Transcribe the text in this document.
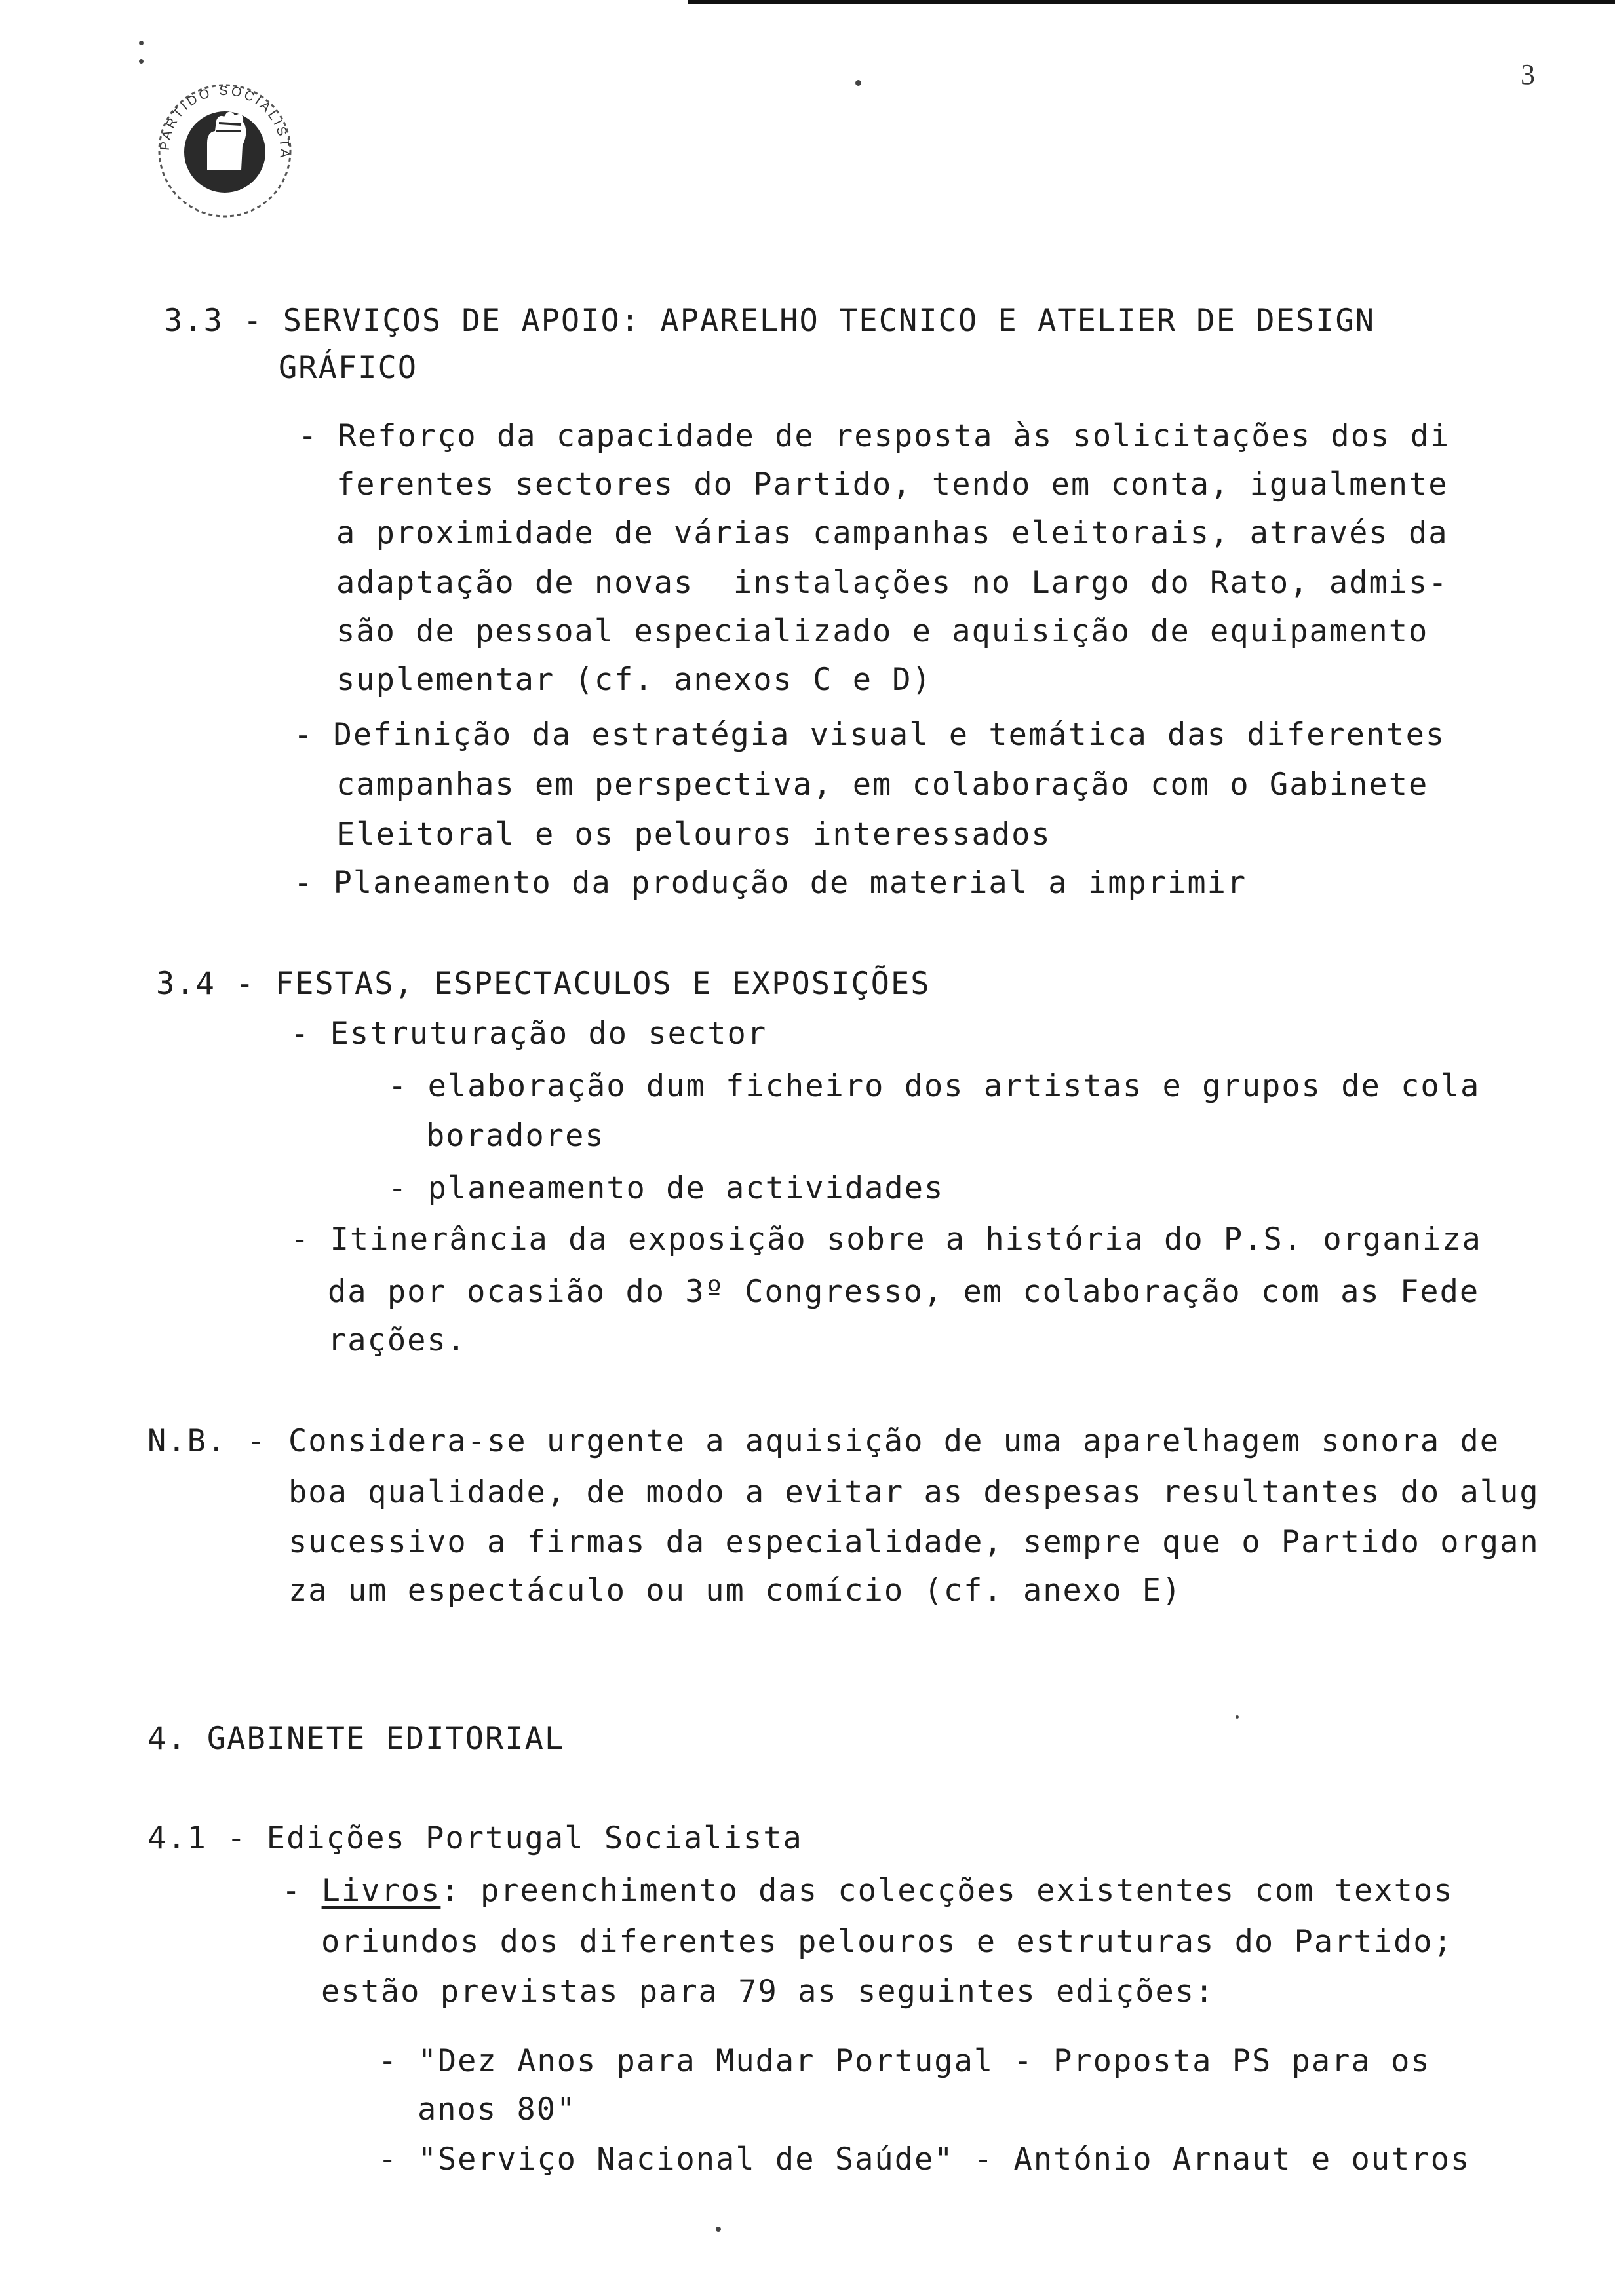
3
PARTIDO SOCIALISTA
3.3 - SERVIÇOS DE APOIO: APARELHO TECNICO E ATELIER DE DESIGN
GRÁFICO
- Reforço da capacidade de resposta às solicitações dos di
ferentes sectores do Partido, tendo em conta, igualmente
a proximidade de várias campanhas eleitorais, através da
adaptação de novas  instalações no Largo do Rato, admis-
são de pessoal especializado e aquisição de equipamento
suplementar (cf. anexos C e D)
- Definição da estratégia visual e temática das diferentes
campanhas em perspectiva, em colaboração com o Gabinete
Eleitoral e os pelouros interessados
- Planeamento da produção de material a imprimir
3.4 - FESTAS, ESPECTACULOS E EXPOSIÇÕES
- Estruturação do sector
- elaboração dum ficheiro dos artistas e grupos de cola
boradores
- planeamento de actividades
- Itinerância da exposição sobre a história do P.S. organiza
da por ocasião do 3º Congresso, em colaboração com as Fede
rações.
N.B. - Considera-se urgente a aquisição de uma aparelhagem sonora de
boa qualidade, de modo a evitar as despesas resultantes do alug
sucessivo a firmas da especialidade, sempre que o Partido organ
za um espectáculo ou um comício (cf. anexo E)
4. GABINETE EDITORIAL
4.1 - Edições Portugal Socialista
- Livros: preenchimento das colecções existentes com textos
oriundos dos diferentes pelouros e estruturas do Partido;
estão previstas para 79 as seguintes edições:
- "Dez Anos para Mudar Portugal - Proposta PS para os
anos 80"
- "Serviço Nacional de Saúde" - António Arnaut e outros
